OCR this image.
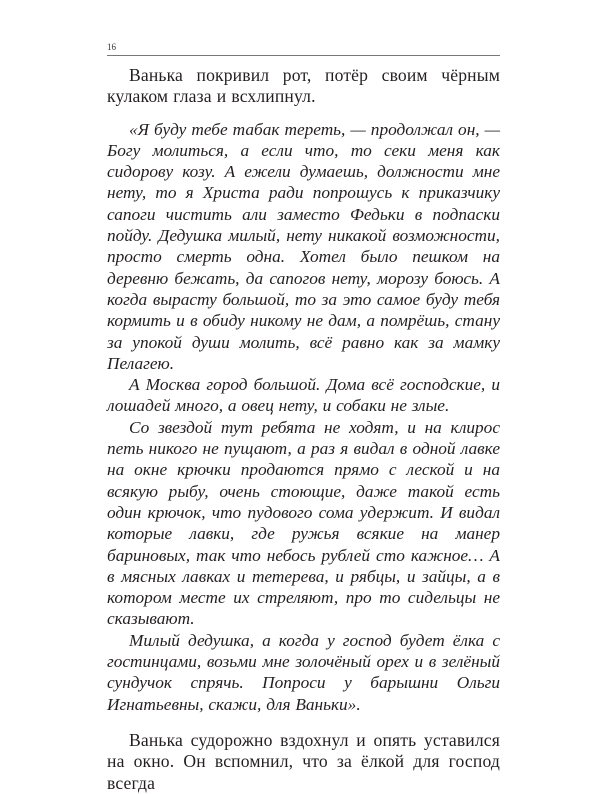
16

Ванька покривил рот, потёр своим чёрным кулаком глаза и всхлипнул.

«Я буду тебе табак тереть, — продолжал он, — Богу молиться, а если что, то секи меня как сидорову козу. А ежели думаешь, должности мне нету, то я Христа ради попрошусь к приказчику сапоги чистить али заместо Федьки в подпаски пойду. Дедушка милый, нету никакой возможности, просто смерть одна. Хотел было пешком на деревню бежать, да сапогов нету, морозу боюсь. А когда вырасту большой, то за это самое буду тебя кормить и в обиду никому не дам, а помрёшь, стану за упокой души молить, всё равно как за мамку Пелагею.

А Москва город большой. Дома всё господские, и лошадей много, а овец нету, и собаки не злые.

Со звездой тут ребята не ходят, и на клирос петь никого не пущают, а раз я видал в одной лавке на окне крючки продаются прямо с леской и на всякую рыбу, очень стоющие, даже такой есть один крючок, что пудового сома удержит. И видал которые лавки, где ружья всякие на манер бариновых, так что небось рублей сто кажное… А в мясных лавках и тетерева, и рябцы, и зайцы, а в котором месте их стреляют, про то сидельцы не сказывают.

Милый дедушка, а когда у господ будет ёлка с гостинцами, возьми мне золочёный орех и в зелёный сундучок спрячь. Попроси у барышни Ольги Игнатьевны, скажи, для Ваньки».

Ванька судорожно вздохнул и опять уставился на окно. Он вспомнил, что за ёлкой для господ всегда
